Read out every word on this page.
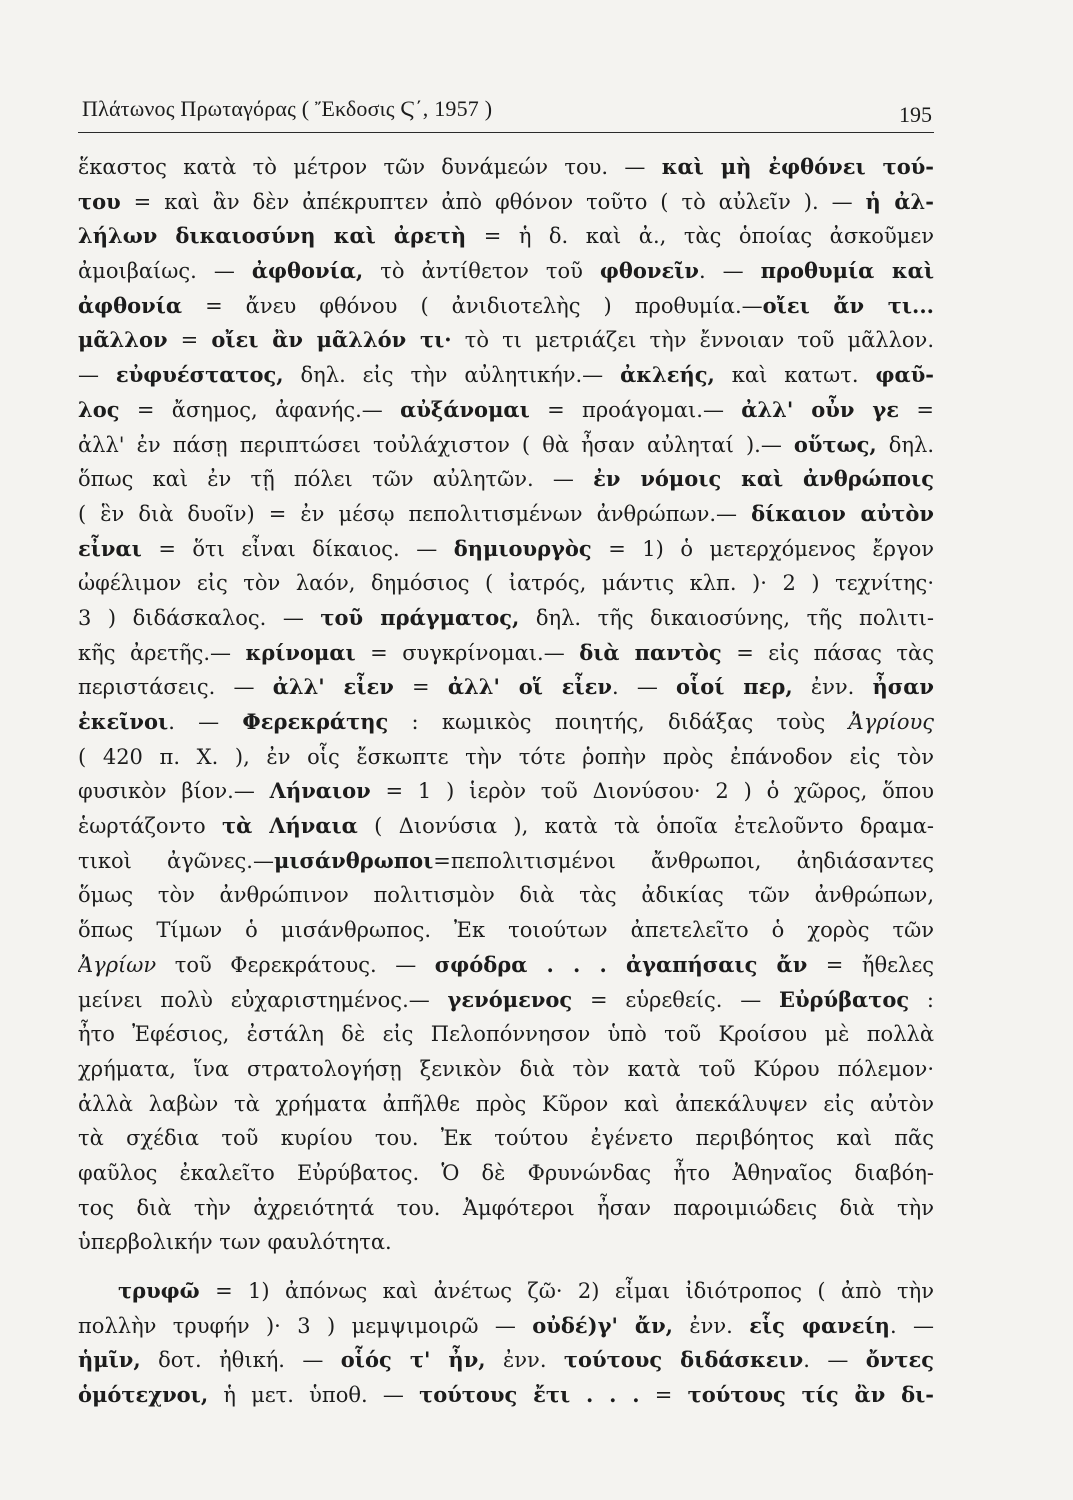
Πλάτωνος Πρωταγόρας ( Ἔκδοσις Ϛ΄, 1957 )	195
ἕκαστος κατὰ τὸ μέτρον τῶν δυνάμεών του. — καὶ μὴ ἐφθόνει τού-
του = καὶ ἂν δὲν ἀπέκρυπτεν ἀπὸ φθόνον τοῦτο ( τὸ αὐλεῖν ). — ἡ ἀλ-
λήλων δικαιοσύνη καὶ ἀρετὴ = ἡ δ. καὶ ἀ., τὰς ὁποίας ἀσκοῦμεν
ἀμοιβαίως. — ἀφθονία, τὸ ἀντίθετον τοῦ φθονεῖν. — προθυμία καὶ
ἀφθονία = ἄνευ φθόνου ( ἀνιδιοτελὴς ) προθυμία.—οἴει ἄν τι...
μᾶλλον = οἴει ἂν μᾶλλόν τι· τὸ τι μετριάζει τὴν ἔννοιαν τοῦ μᾶλλον.
— εὐφυέστατος, δηλ. εἰς τὴν αὐλητικήν.— ἀκλεής, καὶ κατωτ. φαῦ-
λος = ἄσημος, ἀφανής.— αὐξάνομαι = προάγομαι.— ἀλλ' οὖν γε =
ἀλλ' ἐν πάσῃ περιπτώσει τοὐλάχιστον ( θὰ ἦσαν αὐληταί ).— οὕτως, δηλ.
ὅπως καὶ ἐν τῇ πόλει τῶν αὐλητῶν. — ἐν νόμοις καὶ ἀνθρώποις
( ἓν διὰ δυοῖν) = ἐν μέσῳ πεπολιτισμένων ἀνθρώπων.— δίκαιον αὐτὸν
εἶναι = ὅτι εἶναι δίκαιος. — δημιουργὸς = 1) ὁ μετερχόμενος ἔργον
ὠφέλιμον εἰς τὸν λαόν, δημόσιος ( ἰατρός, μάντις κλπ. )· 2 ) τεχνίτης·
3 ) διδάσκαλος. — τοῦ πράγματος, δηλ. τῆς δικαιοσύνης, τῆς πολιτι-
κῆς ἀρετῆς.— κρίνομαι = συγκρίνομαι.— διὰ παντὸς = εἰς πάσας τὰς
περιστάσεις. — ἀλλ' εἶεν = ἀλλ' οἵ εἶεν. — οἷοί περ, ἐνν. ἦσαν
ἐκεῖνοι. — Φερεκράτης : κωμικὸς ποιητής, διδάξας τοὺς Ἀγρίους
( 420 π. Χ. ), ἐν οἷς ἔσκωπτε τὴν τότε ῥοπὴν πρὸς ἐπάνοδον εἰς τὸν
φυσικὸν βίον.— Λήναιον = 1 ) ἱερὸν τοῦ Διονύσου· 2 ) ὁ χῶρος, ὅπου
ἑωρτάζοντο τὰ Λήναια ( Διονύσια ), κατὰ τὰ ὁποῖα ἐτελοῦντο δραμα-
τικοὶ ἀγῶνες.—μισάνθρωποι=πεπολιτισμένοι ἄνθρωποι, ἀηδιάσαντες
ὅμως τὸν ἀνθρώπινον πολιτισμὸν διὰ τὰς ἀδικίας τῶν ἀνθρώπων,
ὅπως Τίμων ὁ μισάνθρωπος. Ἐκ τοιούτων ἀπετελεῖτο ὁ χορὸς τῶν
Ἀγρίων τοῦ Φερεκράτους. — σφόδρα . . . ἀγαπήσαις ἄν = ἤθελες
μείνει πολὺ εὐχαριστημένος.— γενόμενος = εὑρεθείς. — Εὐρύβατος :
ἦτο Ἐφέσιος, ἐστάλη δὲ εἰς Πελοπόννησον ὑπὸ τοῦ Κροίσου μὲ πολλὰ
χρήματα, ἵνα στρατολογήσῃ ξενικὸν διὰ τὸν κατὰ τοῦ Κύρου πόλεμον·
ἀλλὰ λαβὼν τὰ χρήματα ἀπῆλθε πρὸς Κῦρον καὶ ἀπεκάλυψεν εἰς αὐτὸν
τὰ σχέδια τοῦ κυρίου του. Ἐκ τούτου ἐγένετο περιβόητος καὶ πᾶς
φαῦλος ἐκαλεῖτο Εὐρύβατος. Ὁ δὲ Φρυνώνδας ἦτο Ἀθηναῖος διαβόη-
τος διὰ τὴν ἀχρειότητά του. Ἀμφότεροι ἦσαν παροιμιώδεις διὰ τὴν
ὑπερβολικήν των φαυλότητα.
τρυφῶ = 1) ἀπόνως καὶ ἀνέτως ζῶ· 2) εἶμαι ἰδιότροπος ( ἀπὸ τὴν
πολλὴν τρυφήν )· 3 ) μεμψιμοιρῶ — οὐδέ)γ' ἄν, ἐνν. εἷς φανείη. —
ἡμῖν, δοτ. ἠθική. — οἷός τ' ἦν, ἐνν. τούτους διδάσκειν. — ὄντες
ὁμότεχνοι, ἡ μετ. ὑποθ. — τούτους ἔτι . . . = τούτους τίς ἂν δι-
